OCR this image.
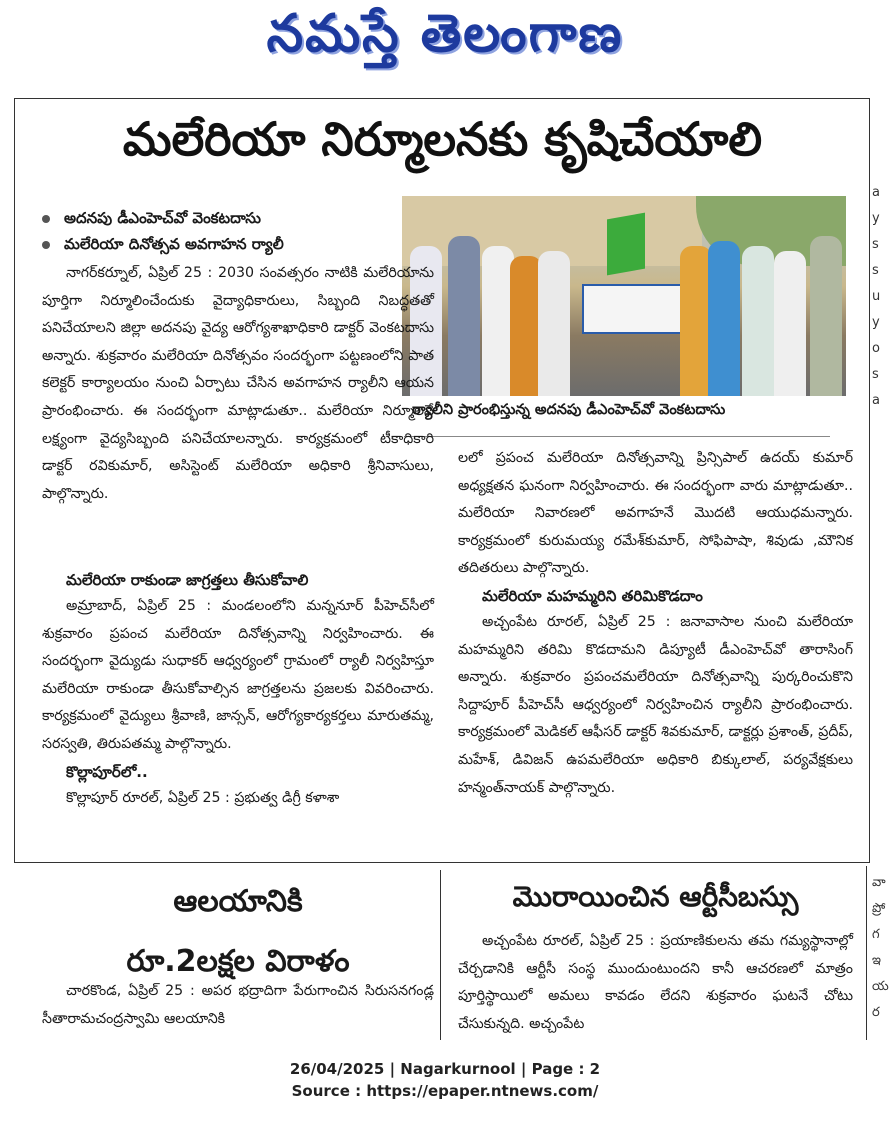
నమస్తే తెలంగాణ
మలేరియా నిర్మూలనకు కృషిచేయాలి
అదనపు డీఎంహెచ్‌వో వెంకటదాసు
మలేరియా దినోత్సవ అవగాహన ర్యాలీ
ర్యాలీని ప్రారంభిస్తున్న అదనపు డీఎంహెచ్‌వో వెంకటదాసు

నాగర్‌కర్నూల్, ఏప్రిల్ 25 : 2030 సంవత్సరం నాటికి మలేరియాను పూర్తిగా నిర్మూలించేందుకు వైద్యాధికారులు, సిబ్బంది నిబద్ధతతో పనిచేయాలని జిల్లా అదనపు వైద్య ఆరోగ్యశాఖాధికారి డాక్టర్ వెంకటదాసు అన్నారు. శుక్రవారం మలేరియా దినోత్సవం సందర్భంగా పట్టణంలోని పాత కలెక్టర్ కార్యాలయం నుంచి ఏర్పాటు చేసిన అవగాహన ర్యాలీని ఆయన ప్రారంభించారు. ఈ సందర్భంగా మాట్లాడుతూ.. మలేరియా నిర్మూలనే లక్ష్యంగా వైద్యసిబ్బంది పనిచేయాలన్నారు. కార్యక్రమంలో టీకాధికారి డాక్టర్ రవికుమార్, అసిస్టెంట్ మలేరియా అధికారి శ్రీనివాసులు, పాల్గొన్నారు.

మలేరియా రాకుండా జాగ్రత్తలు తీసుకోవాలి

అమ్రాబాద్, ఏప్రిల్ 25 : మండలంలోని మన్ననూర్ పీహెచ్‌సీలో శుక్రవారం ప్రపంచ మలేరియా దినోత్సవాన్ని నిర్వహించారు. ఈ సందర్భంగా వైద్యుడు సుధాకర్ ఆధ్వర్యంలో గ్రామంలో ర్యాలీ నిర్వహిస్తూ మలేరియా రాకుండా తీసుకోవాల్సిన జాగ్రత్తలను ప్రజలకు వివరించారు. కార్యక్రమంలో వైద్యులు శ్రీవాణి, జాన్సన్, ఆరోగ్యకార్యకర్తలు మారుతమ్మ, సరస్వతి, తిరుపతమ్మ పాల్గొన్నారు.

కొల్లాపూర్‌లో..

కొల్లాపూర్ రూరల్, ఏప్రిల్ 25 : ప్రభుత్వ డిగ్రీ కళాశా

లలో ప్రపంచ మలేరియా దినోత్సవాన్ని ప్రిన్సిపాల్ ఉదయ్ కుమార్ అధ్యక్షతన ఘనంగా నిర్వహించారు. ఈ సందర్భంగా వారు మాట్లాడుతూ.. మలేరియా నివారణలో అవగాహనే మొదటి ఆయుధమన్నారు. కార్యక్రమంలో కురుమయ్య రమేశ్‌కుమార్, సోఫిపాషా, శివుడు ,మౌనిక తదితరులు పాల్గొన్నారు.

మలేరియా మహమ్మరిని తరిమికొడదాం

అచ్చంపేట రూరల్, ఏప్రిల్ 25 : జనావాసాల నుంచి మలేరియా మహమ్మరిని తరిమి కొడదామని డిప్యూటీ డీఎంహెచ్‌వో తారాసింగ్ అన్నారు. శుక్రవారం ప్రపంచమలేరియా దినోత్సవాన్ని పుర్కరించుకొని సిద్దాపూర్ పీహెచ్‌సీ ఆధ్వర్యంలో నిర్వహించిన ర్యాలీని ప్రారంభించారు. కార్యక్రమంలో మెడికల్ ఆఫీసర్ డాక్టర్ శివకుమార్, డాక్టర్లు ప్రశాంత్, ప్రదీప్, మహేశ్, డివిజన్ ఉపమలేరియా అధికారి బిక్కులాల్, పర్యవేక్షకులు హన్మంత్‌నాయక్ పాల్గొన్నారు.

a
y
s
s
u
y
o
s
a
వా
ప్రో
గ
ఇ
య
ర
ఆలయానికి
రూ.2లక్షల విరాళం

చారకొండ, ఏప్రిల్ 25 : అపర భద్రాదిగా పేరుగాంచిన సిరుసనగండ్ల సీతారామచంద్రస్వామి ఆలయానికి

మొరాయించిన ఆర్టీసీబస్సు

అచ్చంపేట రూరల్, ఏప్రిల్ 25 : ప్రయాణికులను తమ గమ్యస్థానాల్లో చేర్చడానికి ఆర్టీసీ సంస్థ ముందుంటుందని కానీ ఆచరణలో మాత్రం పూర్తిస్థాయిలో అమలు కావడం లేదని శుక్రవారం ఘటనే చోటు చేసుకున్నది. అచ్చంపేట

26/04/2025 | Nagarkurnool | Page : 2
Source : https://epaper.ntnews.com/
